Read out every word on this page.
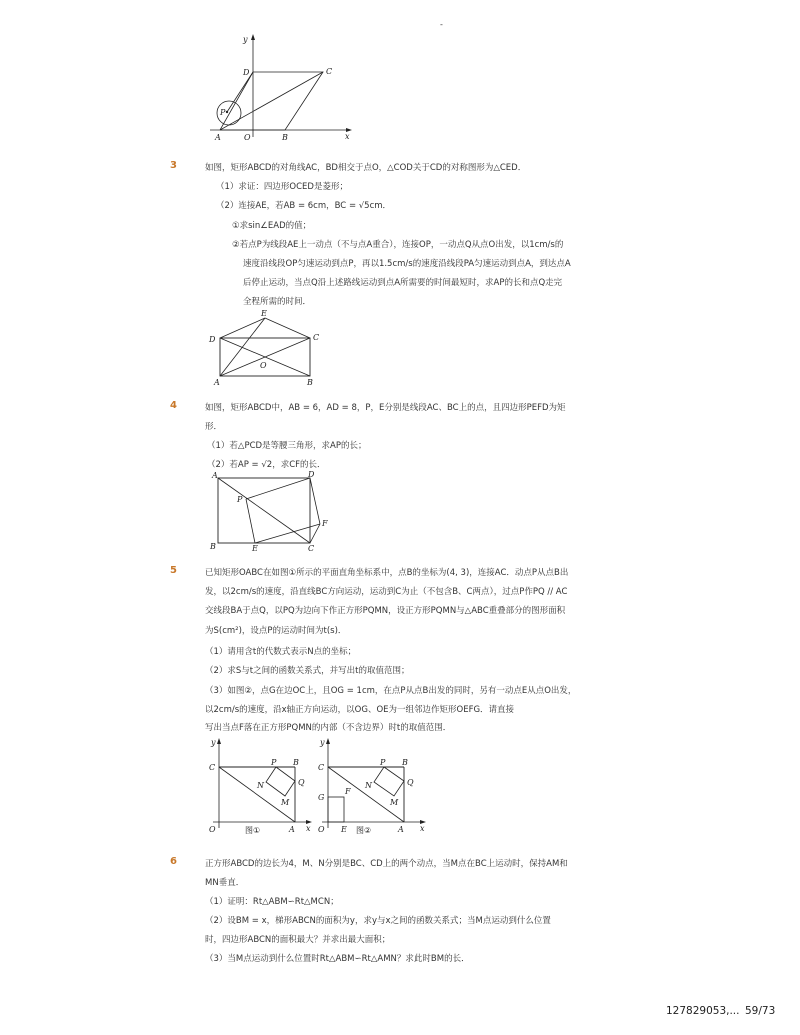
-
y
x
D	C
P
A	O	B
3	如图，矩形ABCD的对角线AC，BD相交于点O，△COD关于CD的对称图形为△CED．
（1）求证：四边形OCED是菱形；
（2）连接AE，若AB = 6cm，BC = √5cm．
①求sin∠EAD的值；
②若点P为线段AE上一动点（不与点A重合），连接OP，一动点Q从点O出发，以1cm/s的
速度沿线段OP匀速运动到点P，再以1.5cm/s的速度沿线段PA匀速运动到点A，到达点A
后停止运动，当点Q沿上述路线运动到点A所需要的时间最短时，求AP的长和点Q走完
全程所需的时间．
E
D	C
O
A	B
4	如图，矩形ABCD中，AB = 6，AD = 8，P，E分别是线段AC、BC上的点，且四边形PEFD为矩
形．
（1）若△PCD是等腰三角形，求AP的长；
（2）若AP = √2，求CF的长．
A	D
P
F
B	E	C
5	已知矩形OABC在如图①所示的平面直角坐标系中，点B的坐标为(4, 3)，连接AC．动点P从点B出
发，以2cm/s的速度，沿直线BC方向运动，运动到C为止（不包含B、C两点），过点P作PQ // AC
交线段BA于点Q，以PQ为边向下作正方形PQMN，设正方形PQMN与△ABC重叠部分的图形面积
为S(cm²)，设点P的运动时间为t(s)．
（1）请用含t的代数式表示N点的坐标；
（2）求S与t之间的函数关系式，并写出t的取值范围；
（3）如图②，点G在边OC上，且OG = 1cm，在点P从点B出发的同时，另有一动点E从点O出发，
以2cm/s的速度，沿x轴正方向运动，以OG、OE为一组邻边作矩形OEFG．请直接
写出当点F落在正方形PQMN的内部（不含边界）时t的取值范围．
y
x
C
P B
N	Q
M
O	A
图①
y
x
C
P B
N	Q
G
F
M
O E	A
图②
6	正方形ABCD的边长为4，M、N分别是BC、CD上的两个动点，当M点在BC上运动时，保持AM和
MN垂直．
（1）证明：Rt△ABM∽Rt△MCN；
（2）设BM = x，梯形ABCN的面积为y，求y与x之间的函数关系式；当M点运动到什么位置
时，四边形ABCN的面积最大？并求出最大面积；
（3）当M点运动到什么位置时Rt△ABM∽Rt△AMN？求此时BM的长．
127829053,... 59/73
